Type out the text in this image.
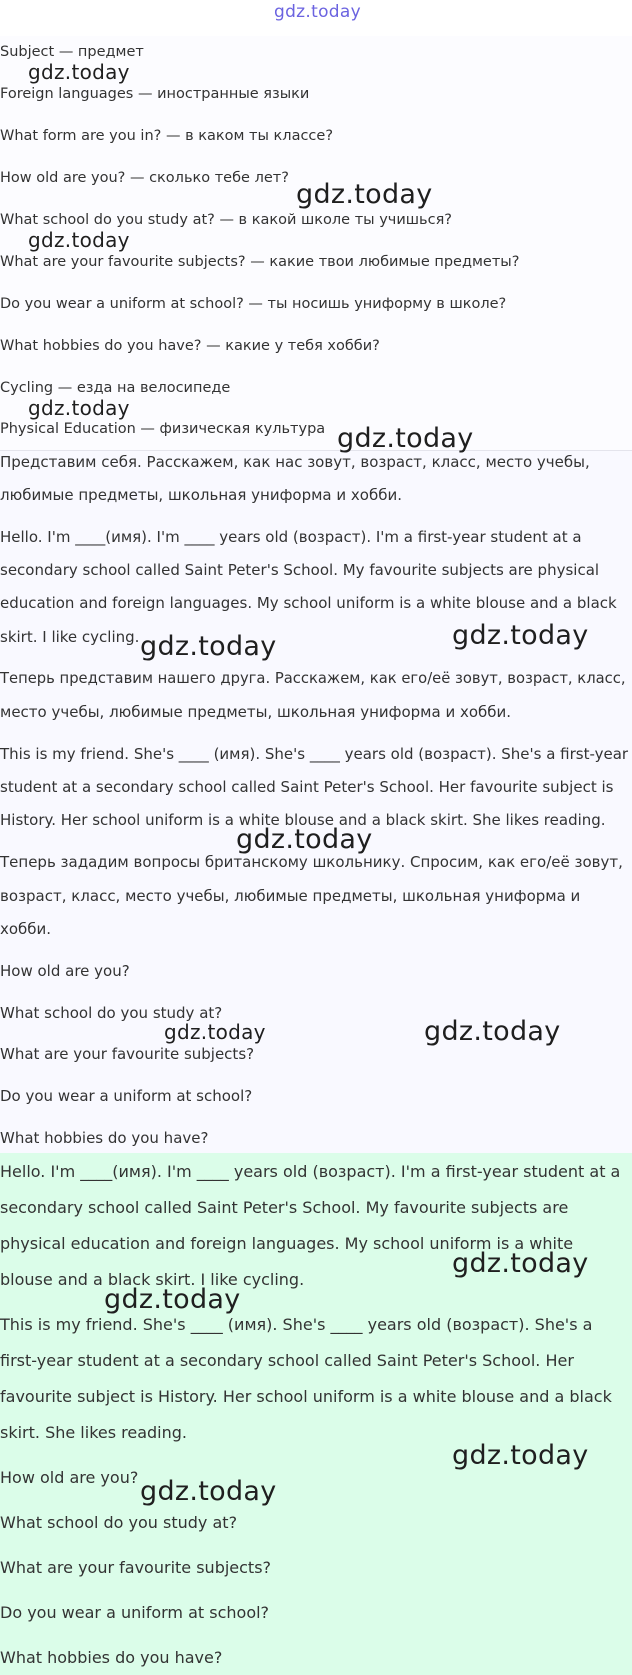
Subject — предмет
Foreign languages — иностранные языки
What form are you in? — в каком ты классе?
How old are you? — сколько тебе лет?
What school do you study at? — в какой школе ты учишься?
What are your favourite subjects? — какие твои любимые предметы?
Do you wear a uniform at school? — ты носишь униформу в школе?
What hobbies do you have? — какие у тебя хобби?
Cycling — езда на велосипеде
Physical Education — физическая культура
Представим себя. Расскажем, как нас зовут, возраст, класс, место учебы,
любимые предметы, школьная униформа и хобби.
Hello. I'm ____(имя). I'm ____ years old (возраст). I'm a first-year student at a
secondary school called Saint Peter's School. My favourite subjects are physical
education and foreign languages. My school uniform is a white blouse and a black
skirt. I like cycling.
Теперь представим нашего друга. Расскажем, как его/её зовут, возраст, класс,
место учебы, любимые предметы, школьная униформа и хобби.
This is my friend. She's ____ (имя). She's ____ years old (возраст). She's a first-year
student at a secondary school called Saint Peter's School. Her favourite subject is
History. Her school uniform is a white blouse and a black skirt. She likes reading.
Теперь зададим вопросы британскому школьнику. Спросим, как его/её зовут,
возраст, класс, место учебы, любимые предметы, школьная униформа и
хобби.
How old are you?
What school do you study at?
What are your favourite subjects?
Do you wear a uniform at school?
What hobbies do you have?
Hello. I'm ____(имя). I'm ____ years old (возраст). I'm a first-year student at a
secondary school called Saint Peter's School. My favourite subjects are
physical education and foreign languages. My school uniform is a white
blouse and a black skirt. I like cycling.
This is my friend. She's ____ (имя). She's ____ years old (возраст). She's a
first-year student at a secondary school called Saint Peter's School. Her
favourite subject is History. Her school uniform is a white blouse and a black
skirt. She likes reading.
How old are you?
What school do you study at?
What are your favourite subjects?
Do you wear a uniform at school?
What hobbies do you have?
gdz.today
gdz.today
gdz.today
gdz.today
gdz.today
gdz.today
gdz.today	gdz.today
gdz.today
gdz.today	gdz.today
gdz.today
gdz.today
gdz.today
gdz.today
